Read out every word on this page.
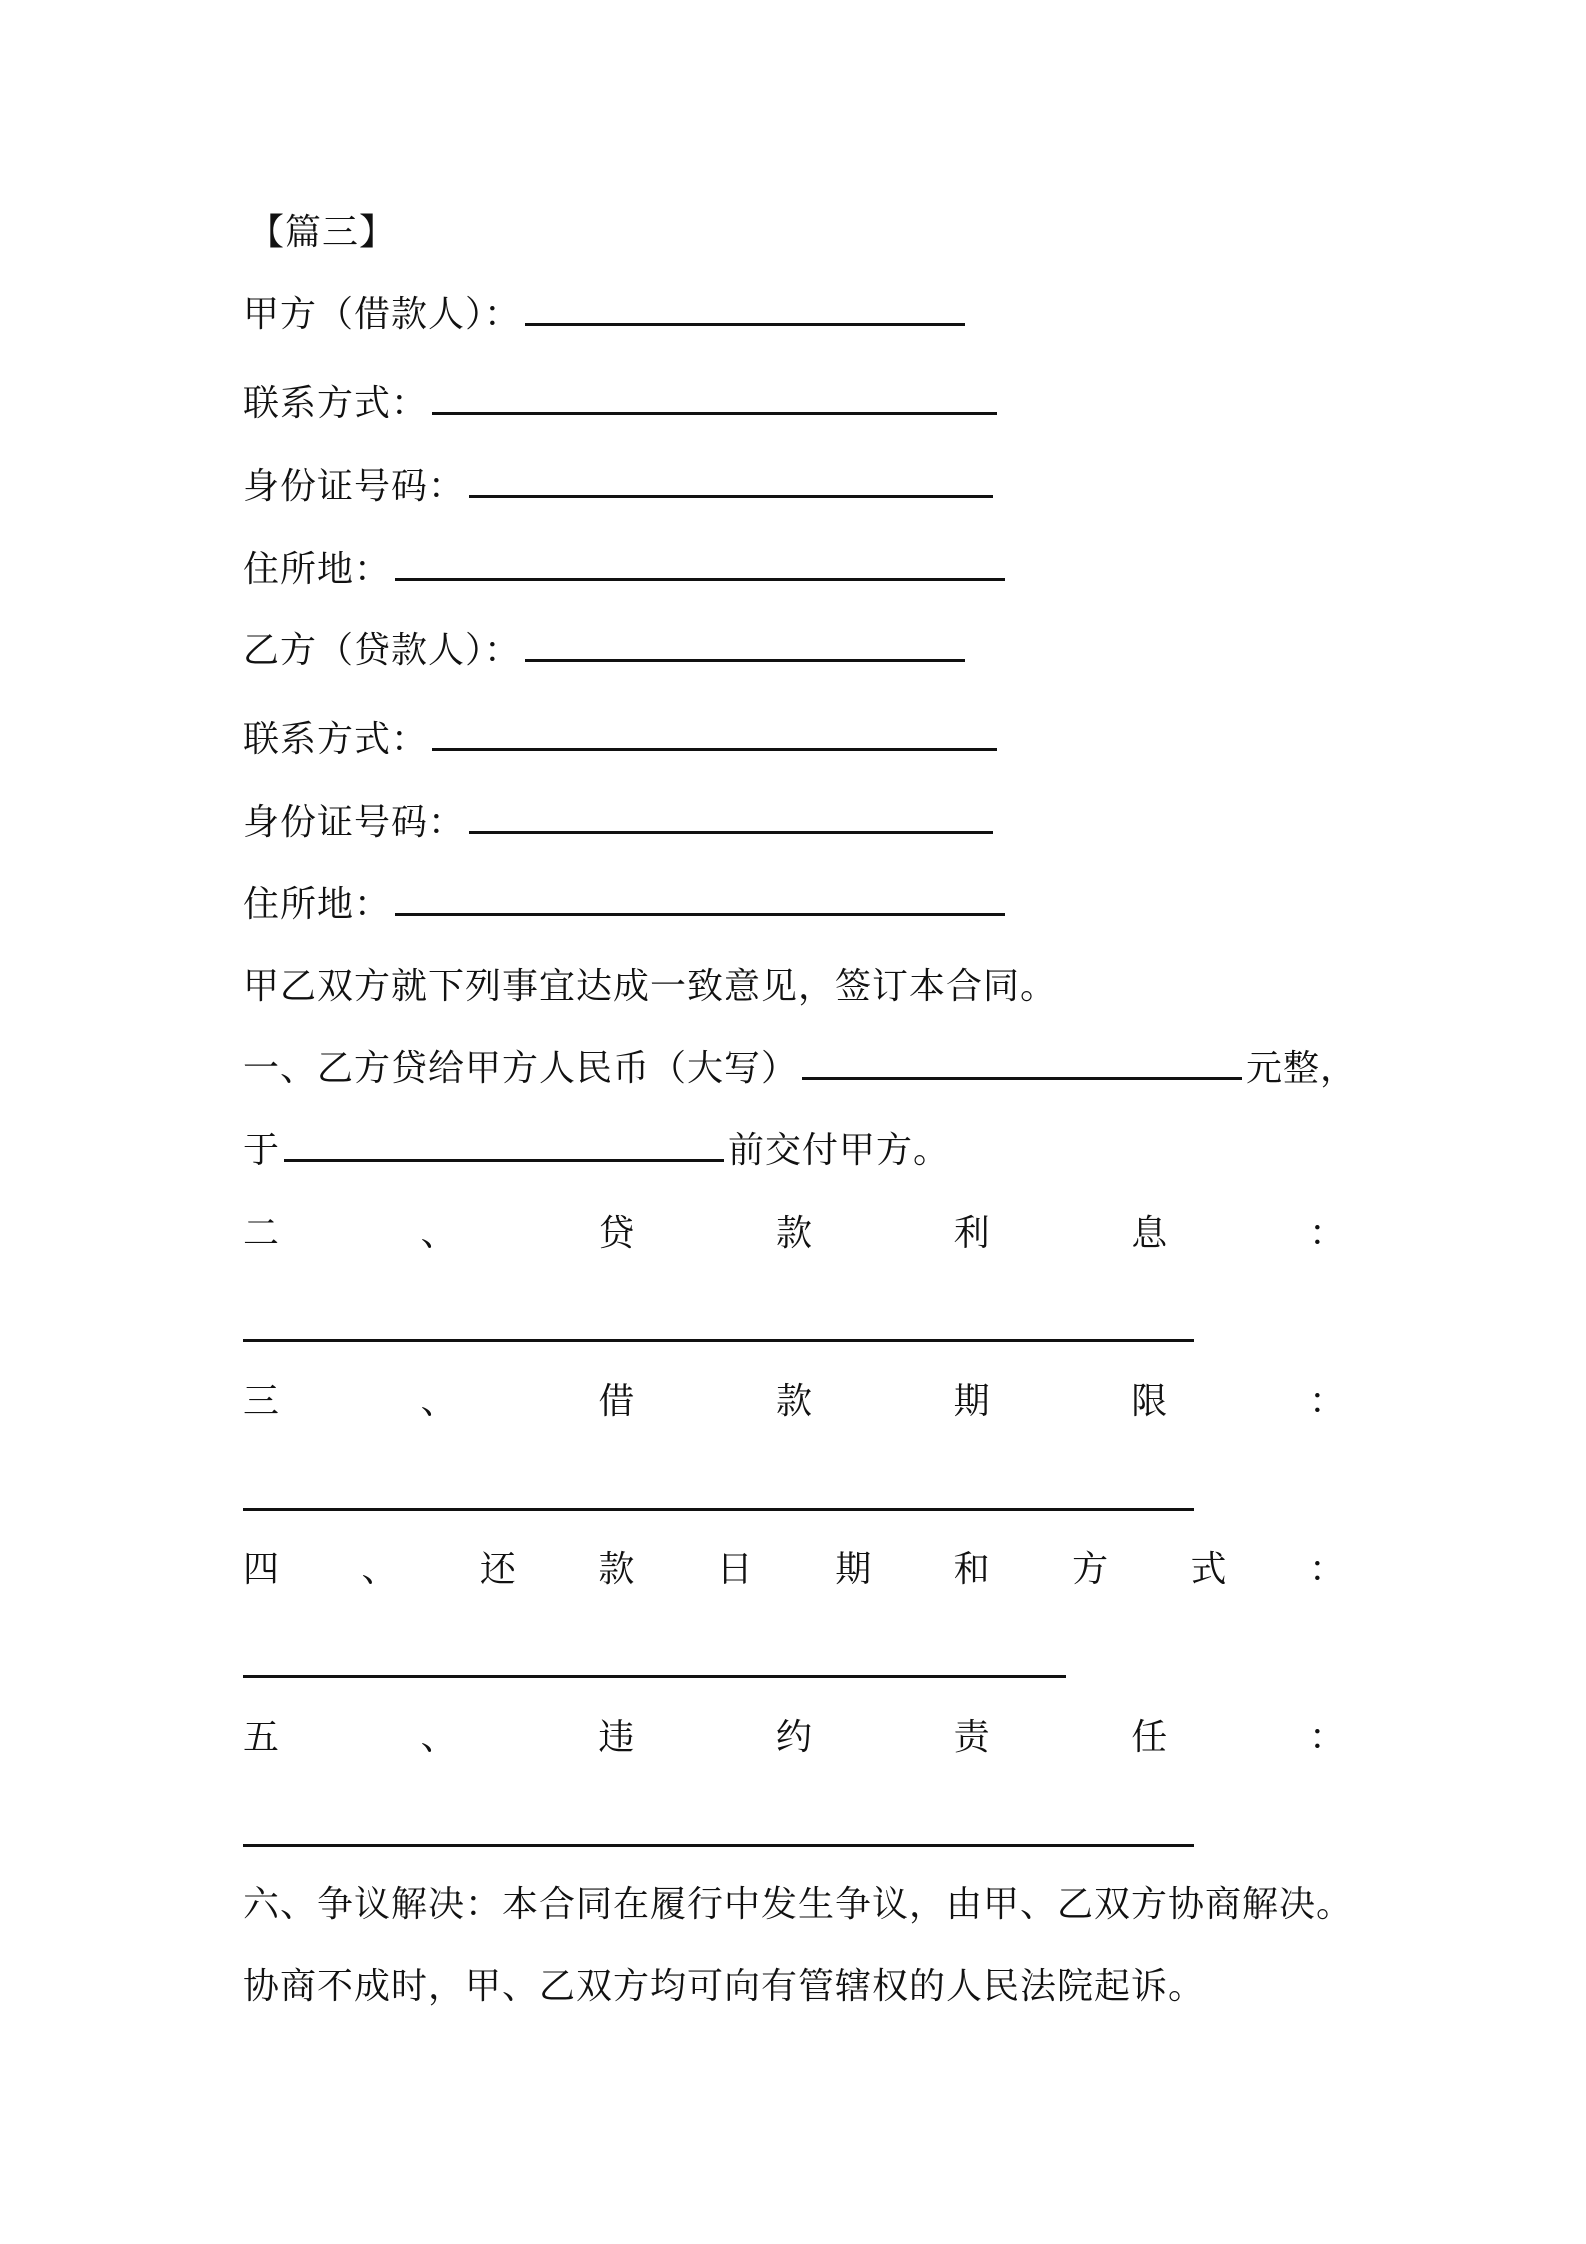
【篇三】
甲方（借款人）：
联系方式：
身份证号码：
住所地：
乙方（贷款人）：
联系方式：
身份证号码：
住所地：
甲乙双方就下列事宜达成一致意见，签订本合同。
一、乙方贷给甲方人民币（大写）	元整，
于	前交付甲方。
二	、	贷	款	利	息	：
三	、	借	款	期	限	：
四 、 还 款 日 期 和 方 式 ：
五	、	违	约	责	任	：
六、争议解决：本合同在履行中发生争议，由甲、乙双方协商解决。
协商不成时，甲、乙双方均可向有管辖权的人民法院起诉。
